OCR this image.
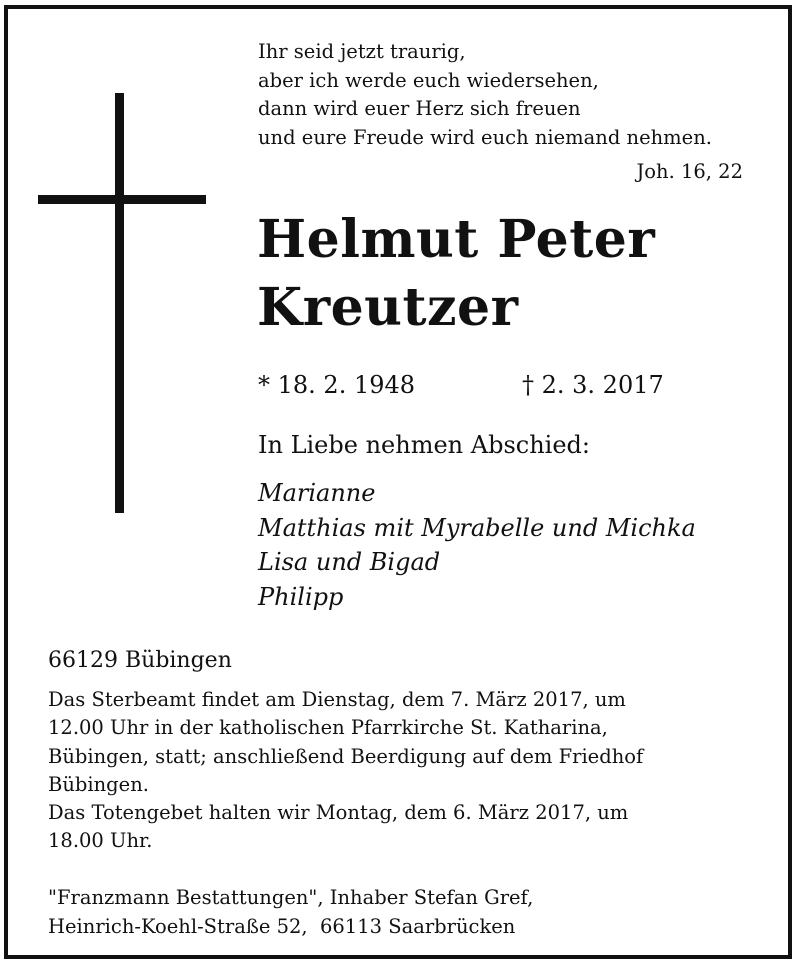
Ihr seid jetzt traurig,
aber ich werde euch wiedersehen,
dann wird euer Herz sich freuen
und eure Freude wird euch niemand nehmen.
Joh. 16, 22
Helmut Peter
Kreutzer
* 18. 2. 1948	† 2. 3. 2017
In Liebe nehmen Abschied:
Marianne
Matthias mit Myrabelle und Michka
Lisa und Bigad
Philipp
66129 Bübingen
Das Sterbeamt findet am Dienstag, dem 7. März 2017, um
12.00 Uhr in der katholischen Pfarrkirche St. Katharina,
Bübingen, statt; anschließend Beerdigung auf dem Friedhof
Bübingen.
Das Totengebet halten wir Montag, dem 6. März 2017, um
18.00 Uhr.
"Franzmann Bestattungen", Inhaber Stefan Gref,
Heinrich-Koehl-Straße 52,  66113 Saarbrücken
